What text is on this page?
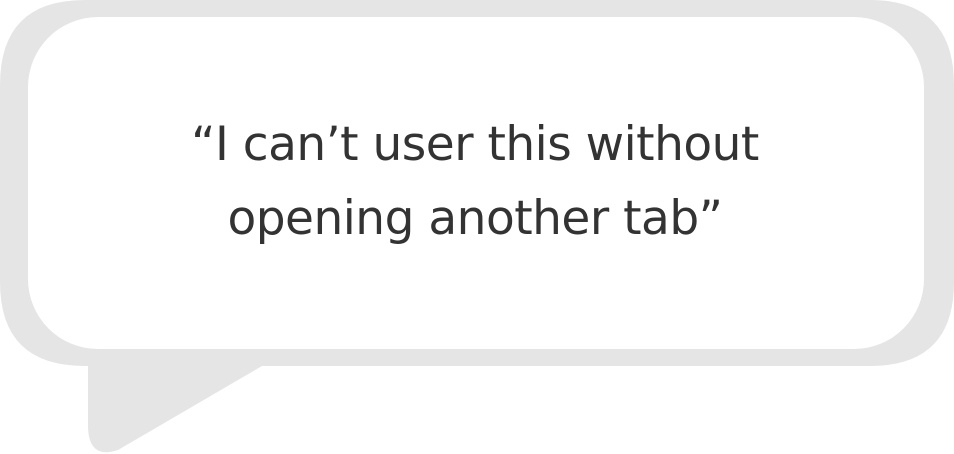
“I can’t user this without
opening another tab”
